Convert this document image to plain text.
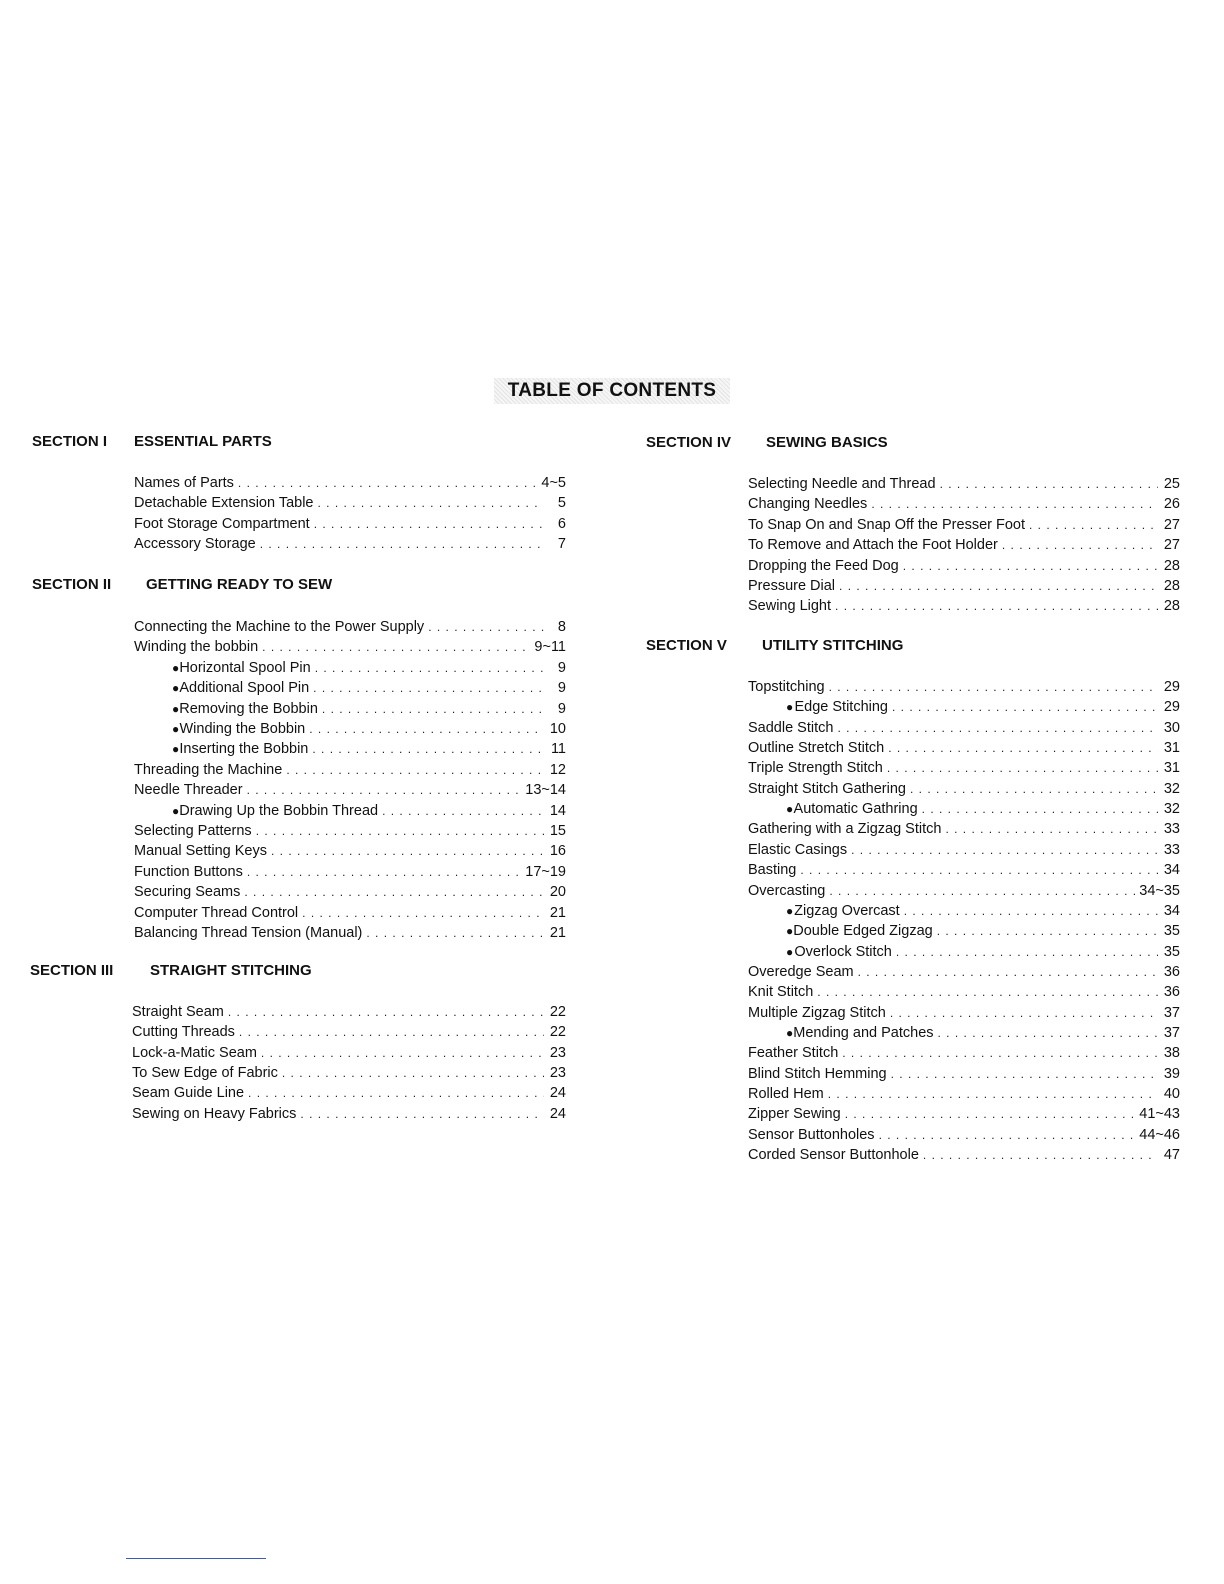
TABLE OF CONTENTS
SECTION I ESSENTIAL PARTS
Names of Parts . . .	4~5
Detachable Extension Table . . .	5
Foot Storage Compartment . . .	6
Accessory Storage . . .	7
SECTION II GETTING READY TO SEW
Connecting the Machine to the Power Supply . . .	8
Winding the bobbin . . .	9~11
● Horizontal Spool Pin . . .	9
● Additional Spool Pin . . .	9
● Removing the Bobbin . . .	9
● Winding the Bobbin . . .	10
● Inserting the Bobbin . . .	11
Threading the Machine . . .	12
Needle Threader . . .	13~14
● Drawing Up the Bobbin Thread . . .	14
Selecting Patterns . . .	15
Manual Setting Keys . . .	16
Function Buttons . . .	17~19
Securing Seams . . .	20
Computer Thread Control . . .	21
Balancing Thread Tension (Manual) . . .	21
SECTION III STRAIGHT STITCHING
Straight Seam . . .	22
Cutting Threads . . .	22
Lock-a-Matic Seam . . .	23
To Sew Edge of Fabric . . .	23
Seam Guide Line . . .	24
Sewing on Heavy Fabrics . . .	24
SECTION IV SEWING BASICS
Selecting Needle and Thread . . .	25
Changing Needles . . .	26
To Snap On and Snap Off the Presser Foot . . .	27
To Remove and Attach the Foot Holder . . .	27
Dropping the Feed Dog . . .	28
Pressure Dial . . .	28
Sewing Light . . .	28
SECTION V UTILITY STITCHING
Topstitching . . .	29
● Edge Stitching . . .	29
Saddle Stitch . . .	30
Outline Stretch Stitch . . .	31
Triple Strength Stitch . . .	31
Straight Stitch Gathering . . .	32
● Automatic Gathring . . .	32
Gathering with a Zigzag Stitch . . .	33
Elastic Casings . . .	33
Basting . . .	34
Overcasting . . .	34~35
● Zigzag Overcast . . .	34
● Double Edged Zigzag . . .	35
● Overlock Stitch . . .	35
Overedge Seam . . .	36
Knit Stitch . . .	36
Multiple Zigzag Stitch . . .	37
● Mending and Patches . . .	37
Feather Stitch . . .	38
Blind Stitch Hemming . . .	39
Rolled Hem . . .	40
Zipper Sewing . . .	41~43
Sensor Buttonholes . . .	44~46
Corded Sensor Buttonhole . . .	47
